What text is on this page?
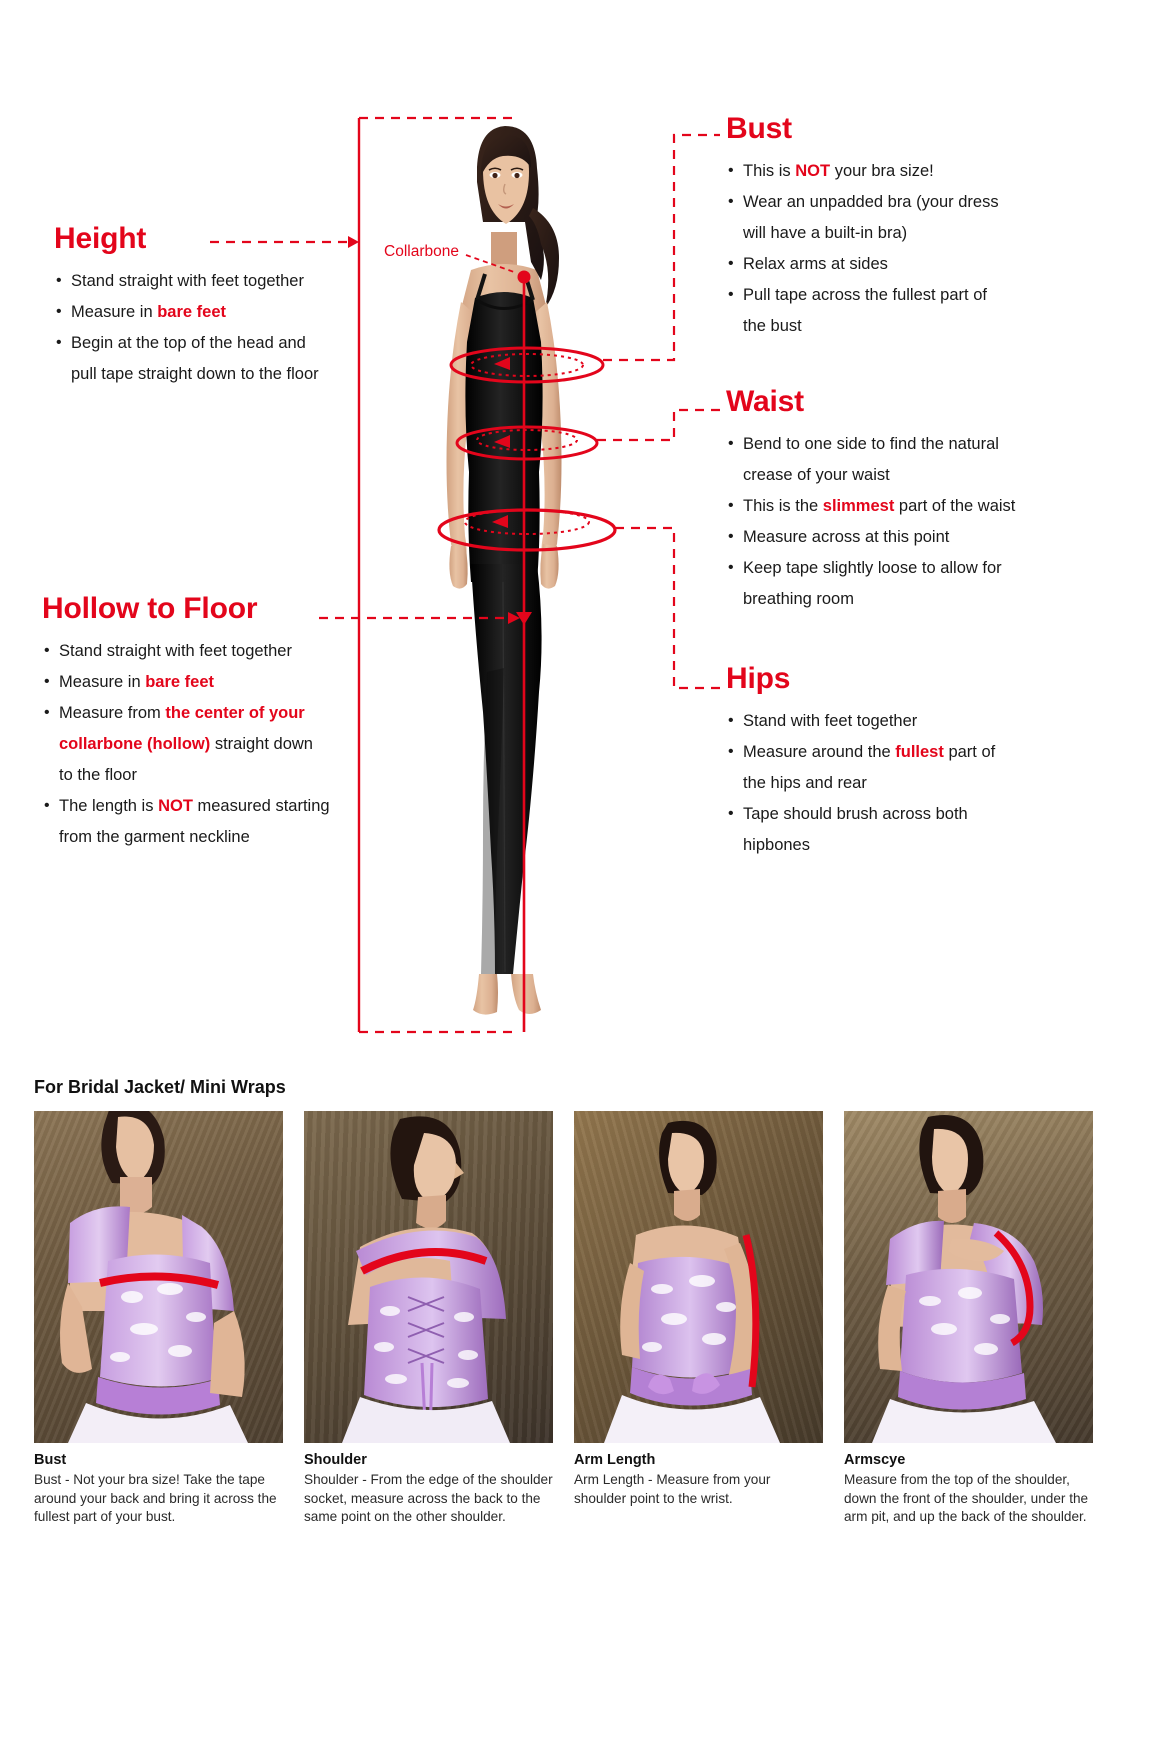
Collarbone
Height
• Stand straight with feet together
• Measure in bare feet
• Begin at the top of the head and
pull tape straight down to the floor
Hollow to Floor
• Stand straight with feet together
• Measure in bare feet
• Measure from the center of your
collarbone (hollow) straight down
to the floor
• The length is NOT measured starting
from the garment neckline
Bust
• This is NOT your bra size!
• Wear an unpadded bra (your dress
will have a built-in bra)
• Relax arms at sides
• Pull tape across the fullest part of
the bust
Waist
• Bend to one side to find the natural
crease of your waist
• This is the slimmest part of the waist
• Measure across at this point
• Keep tape slightly loose to allow for
breathing room
Hips
• Stand with feet together
• Measure around the fullest part of
the hips and rear
• Tape should brush across both
hipbones
For Bridal Jacket/ Mini Wraps
Bust
Bust - Not your bra size! Take the tape around your back and bring it across the fullest part of your bust.
Shoulder
Shoulder - From the edge of the shoulder socket, measure across the back to the same point on the other shoulder.
Arm Length
Arm Length - Measure from your shoulder point to the wrist.
Armscye
Measure from the top of the shoulder, down the front of the shoulder, under the arm pit, and up the back of the shoulder.
